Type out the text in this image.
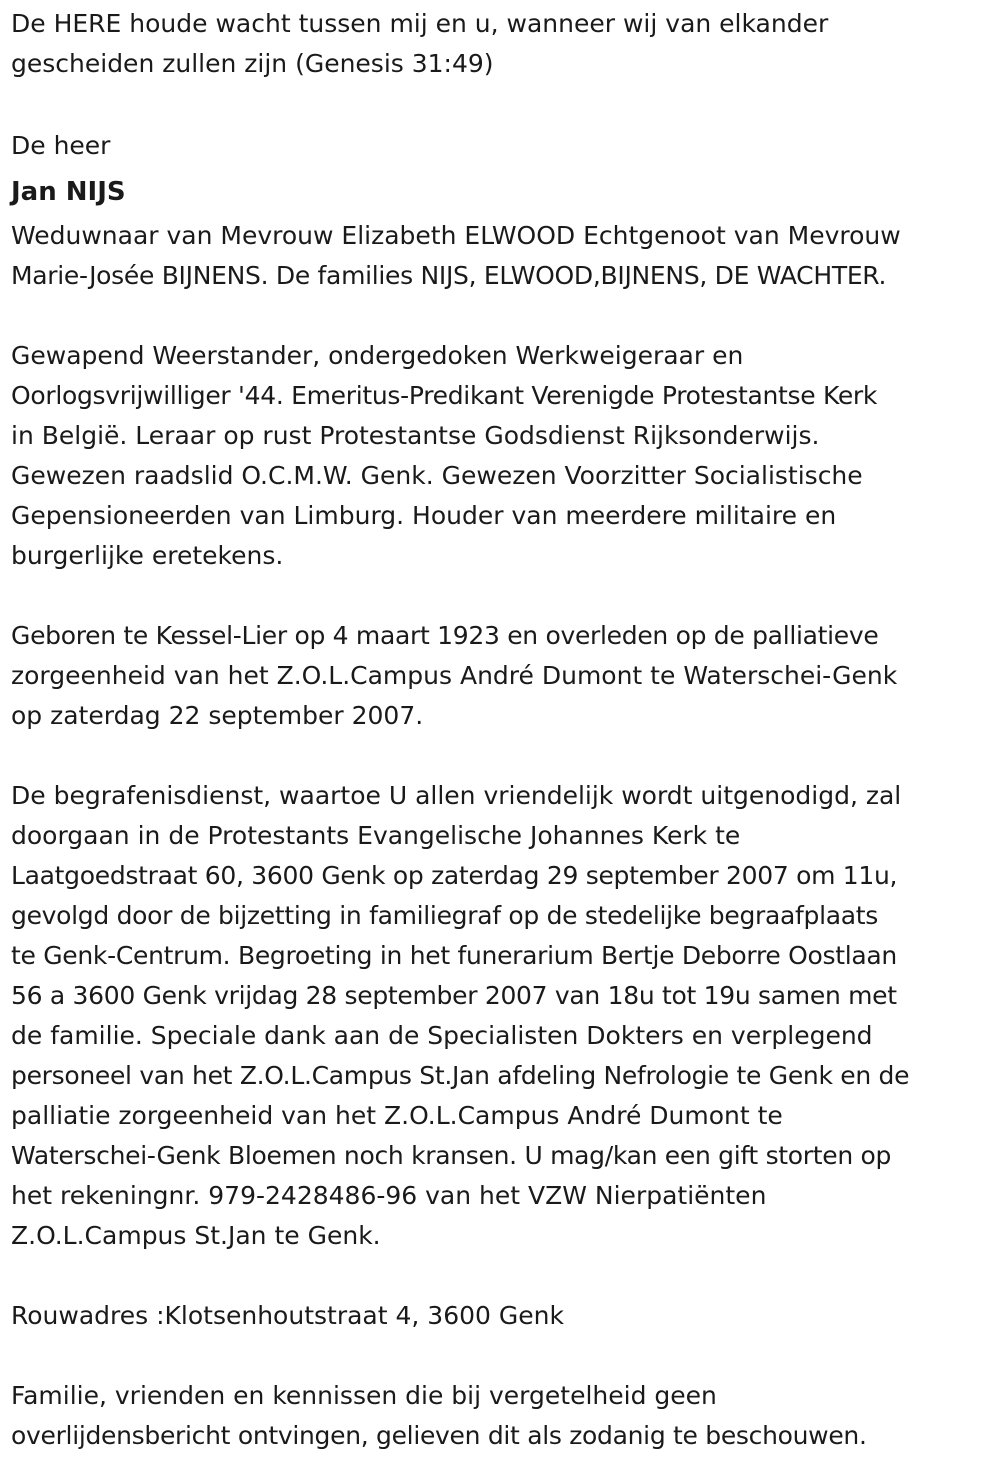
De HERE houde wacht tussen mij en u, wanneer wij van elkander
gescheiden zullen zijn (Genesis 31:49)
De heer
Jan NIJS
Weduwnaar van Mevrouw Elizabeth ELWOOD Echtgenoot van Mevrouw
Marie-Josée BIJNENS. De families NIJS, ELWOOD,BIJNENS, DE WACHTER.
Gewapend Weerstander, ondergedoken Werkweigeraar en
Oorlogsvrijwilliger '44. Emeritus-Predikant Verenigde Protestantse Kerk
in België. Leraar op rust Protestantse Godsdienst Rijksonderwijs.
Gewezen raadslid O.C.M.W. Genk. Gewezen Voorzitter Socialistische
Gepensioneerden van Limburg. Houder van meerdere militaire en
burgerlijke eretekens.
Geboren te Kessel-Lier op 4 maart 1923 en overleden op de palliatieve
zorgeenheid van het Z.O.L.Campus André Dumont te Waterschei-Genk
op zaterdag 22 september 2007.
De begrafenisdienst, waartoe U allen vriendelijk wordt uitgenodigd, zal
doorgaan in de Protestants Evangelische Johannes Kerk te
Laatgoedstraat 60, 3600 Genk op zaterdag 29 september 2007 om 11u,
gevolgd door de bijzetting in familiegraf op de stedelijke begraafplaats
te Genk-Centrum. Begroeting in het funerarium Bertje Deborre Oostlaan
56 a 3600 Genk vrijdag 28 september 2007 van 18u tot 19u samen met
de familie. Speciale dank aan de Specialisten Dokters en verplegend
personeel van het Z.O.L.Campus St.Jan afdeling Nefrologie te Genk en de
palliatie zorgeenheid van het Z.O.L.Campus André Dumont te
Waterschei-Genk Bloemen noch kransen. U mag/kan een gift storten op
het rekeningnr. 979-2428486-96 van het VZW Nierpatiënten
Z.O.L.Campus St.Jan te Genk.
Rouwadres :Klotsenhoutstraat 4, 3600 Genk
Familie, vrienden en kennissen die bij vergetelheid geen
overlijdensbericht ontvingen, gelieven dit als zodanig te beschouwen.
